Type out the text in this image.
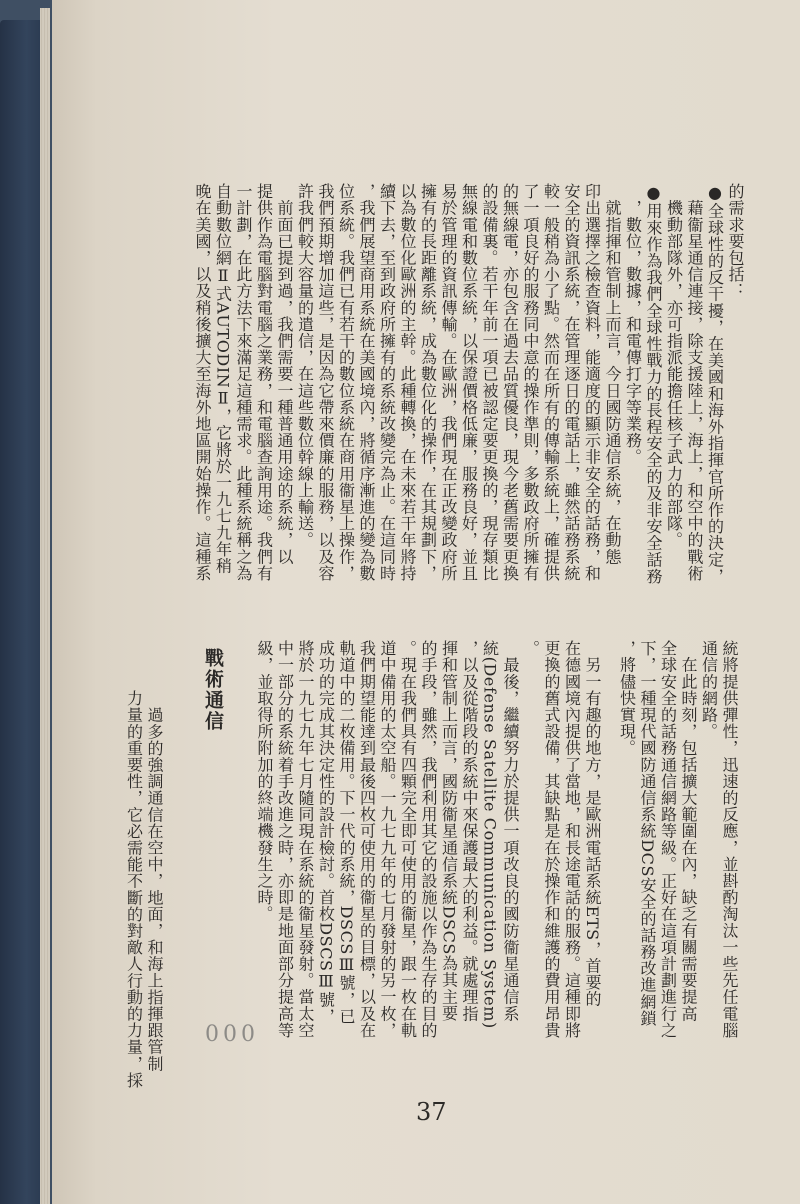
的需求要包括：
●全球性的反干擾，在美國和海外指揮官所作的決定，
　藉衞星通信連接，除支援陸上，海上，和空中的戰術
　機動部隊外，亦可指派能擔任核子武力的部隊。
●用來作為我們全球性戰力的長程安全的及非安全話務
　，數位，數據，和電傳打字等業務。
　就指揮和管制上而言，今日國防通信系統，在動態
印出選擇之檢查資料，能適度的顯示非安全的話務，和
安全的資訊系統，在管理逐日的電話上，雖然話務系統
較一般稍為小了點。然而在所有的傳輸系統上，確提供
了一項良好的服務同中意的操作準則，多數政府所擁有
的無線電，亦包含在過去品質優良，現今老舊需要更換
的設備裏。若干年前一項已被認定要更換的，現存類比
無線電和數位系統，以保證價格低廉，服務良好，並且
易於管理的資訊傳輸。在歐洲，我們現在正改變政府所
擁有的長距離系統，成為數位化的操作，在其規劃下，
以為數位化歐洲的主幹。此種轉換，在未來若干年將持
續下去，至到政府所擁有的系統改變完為止。在這同時
，我們展望商用系統在美國境內，將循序漸進的變為數
位系統。我們已有若干的數位系統在商用衞星上操作，
我們預期增加這些，是因為它帶來價廉的服務，以及容
許我們較大容量的遣信，在這些數位幹線上輸送。
　前面已提到過，我們需要一種普通用途的系統，以
提供作為電腦對電腦之業務，和電腦查詢用途。我們有
一計劃，在此方法下來滿足這種需求。此種系統稱之為
自動數位網Ⅱ式AUTODINⅡ，它將於一九七九年稍
晚在美國，以及稍後擴大至海外地區開始操作。這種系
統將提供彈性，迅速的反應，並斟酌淘汰一些先任電腦
通信的網路。
　在此時刻，包括擴大範圍在內，缺乏有關需要提高
全球安全的話務通信網路等級。正好在這項計劃進行之
下，一種現代國防通信系統DCS安全的話務改進網鎖
，將儘快實現。
　另一有趣的地方，是歐洲電話系統ETS，首要的
在德國境內提供了當地，和長途電話的服務。這種即將
更換的舊式設備，其缺點是在於操作和維護的費用昂貴
。
　最後，繼續努力於提供一項改良的國防衞星通信系
統(Defense Satellite Communication System)
，以及從階段的系統中來保護最大的利益。就處理指
揮和管制上而言，國防衞星通信系統DSCS為其主要
的手段，雖然，我們利用其它的設施以作為生存的目的
。現在我們具有四顆完全即可使用的衞星，跟一枚在軌
道中備用的太空船。一九七九年的七月發射的另一枚，
我們期望能達到最後四枚可使用的衞星的目標，以及在
軌道中的二枚備用。下一代的系統，DSCSⅢ號，已
成功的完成其決定性的設計檢討。首枚DSCSⅢ號，
將於一九七九年七月隨同現在系統的衞星發射。當太空
中一部分的系統着手改進之時，亦即是地面部分提高等
級，並取得所附加的終端機發生之時。
戰術通信
　過多的強調通信在空中，地面，和海上指揮跟管制
力量的重要性，它必需能不斷的對敵人行動的力量，採	000
37
